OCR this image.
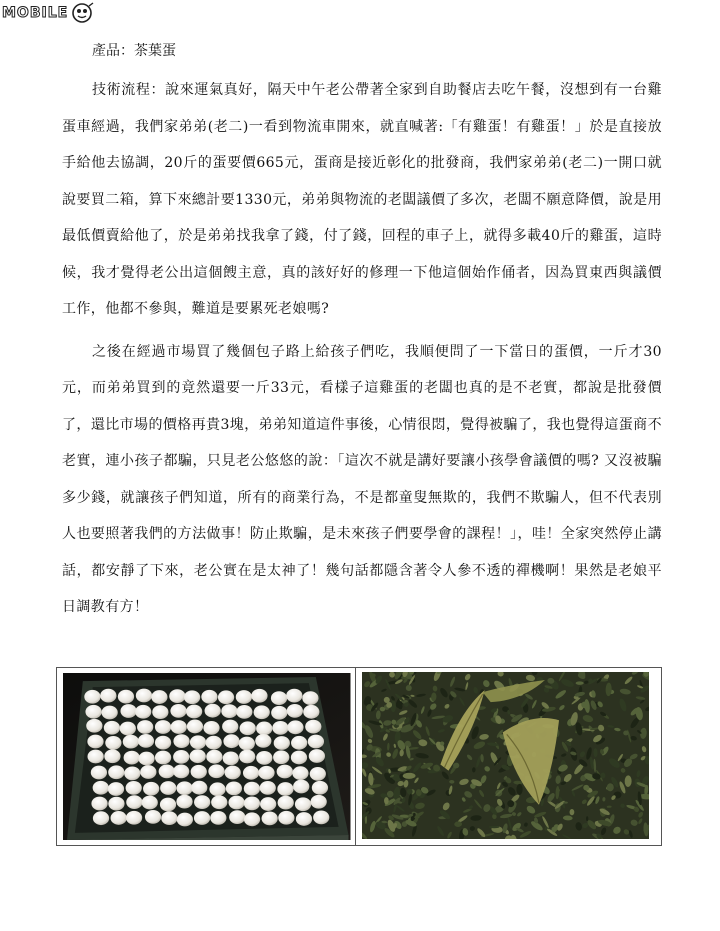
MOBILE

產品：茶葉蛋

技術流程：說來運氣真好，隔天中午老公帶著全家到自助餐店去吃午餐，沒想到有一台雞蛋車經過，我們家弟弟(老二)一看到物流車開來，就直喊著:「有雞蛋！有雞蛋！」於是直接放手給他去協調，20斤的蛋要價665元，蛋商是接近彰化的批發商，我們家弟弟(老二)一開口就說要買二箱，算下來總計要1330元，弟弟與物流的老闆議價了多次，老闆不願意降價，說是用最低價賣給他了，於是弟弟找我拿了錢，付了錢，回程的車子上，就得多載40斤的雞蛋，這時候，我才覺得老公出這個餿主意，真的該好好的修理一下他這個始作俑者，因為買東西與議價工作，他都不參與，難道是要累死老娘嗎?

之後在經過市場買了幾個包子路上給孩子們吃，我順便問了一下當日的蛋價，一斤才30元，而弟弟買到的竟然還要一斤33元，看樣子這雞蛋的老闆也真的是不老實，都說是批發價了，還比市場的價格再貴3塊，弟弟知道這件事後，心情很悶，覺得被騙了，我也覺得這蛋商不老實，連小孩子都騙，只見老公悠悠的說：「這次不就是講好要讓小孩學會議價的嗎? 又沒被騙多少錢，就讓孩子們知道，所有的商業行為，不是都童叟無欺的，我們不欺騙人，但不代表別人也要照著我們的方法做事！防止欺騙，是未來孩子們要學會的課程！」，哇！全家突然停止講話，都安靜了下來，老公實在是太神了！幾句話都隱含著令人參不透的禪機啊！果然是老娘平日調教有方！
